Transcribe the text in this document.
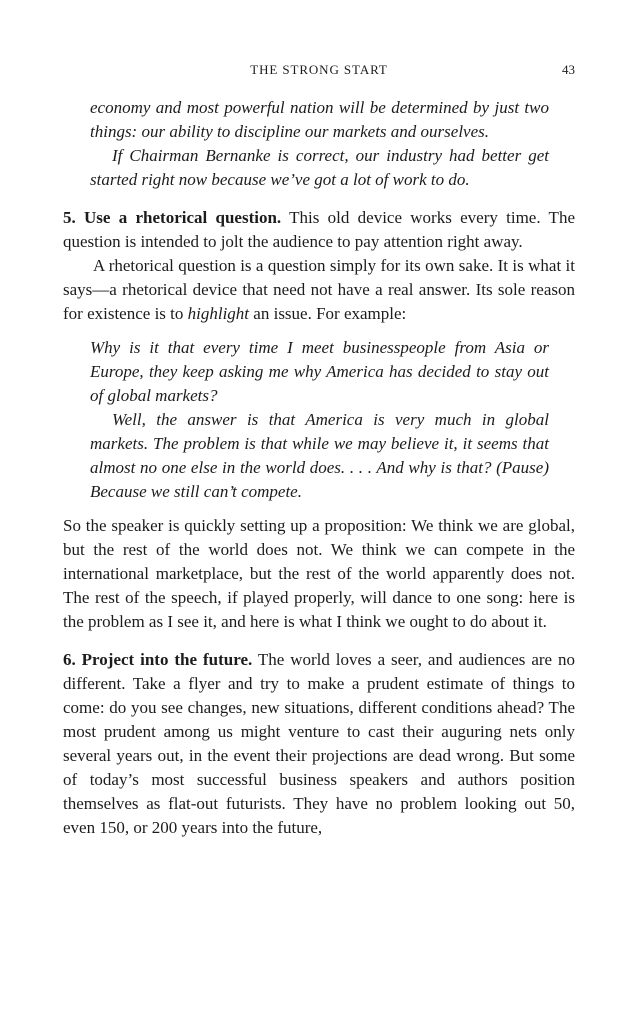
THE STRONG START	43

economy and most powerful nation will be determined by just two things: our ability to discipline our markets and ourselves.

If Chairman Bernanke is correct, our industry had better get started right now because we’ve got a lot of work to do.

5. Use a rhetorical question. This old device works every time. The question is intended to jolt the audience to pay attention right away.

A rhetorical question is a question simply for its own sake. It is what it says—a rhetorical device that need not have a real answer. Its sole reason for existence is to highlight an issue. For example:

Why is it that every time I meet businesspeople from Asia or Europe, they keep asking me why America has decided to stay out of global markets?

Well, the answer is that America is very much in global markets. The problem is that while we may believe it, it seems that almost no one else in the world does. . . . And why is that? (Pause) Because we still can’t compete.

So the speaker is quickly setting up a proposition: We think we are global, but the rest of the world does not. We think we can compete in the international marketplace, but the rest of the world apparently does not. The rest of the speech, if played properly, will dance to one song: here is the problem as I see it, and here is what I think we ought to do about it.

6. Project into the future. The world loves a seer, and audiences are no different. Take a flyer and try to make a prudent estimate of things to come: do you see changes, new situations, different conditions ahead? The most prudent among us might venture to cast their auguring nets only several years out, in the event their projections are dead wrong. But some of today’s most successful business speakers and authors position themselves as flat-out futurists. They have no problem looking out 50, even 150, or 200 years into the future,
